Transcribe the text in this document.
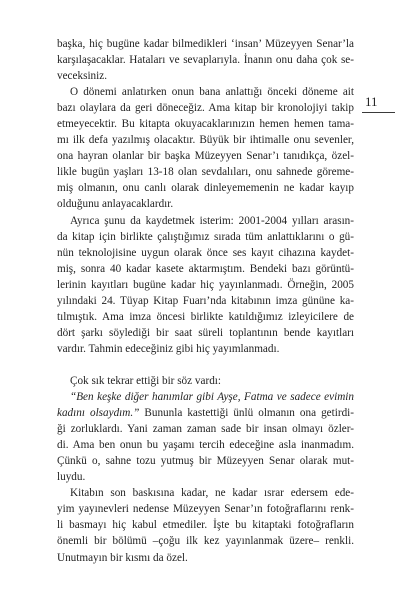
11
başka, hiç bugüne kadar bilmedikleri ‘insan’ Müzeyyen Senar’la
karşılaşacaklar. Hataları ve sevaplarıyla. İnanın onu daha çok se-
veceksiniz.
O dönemi anlatırken onun bana anlattığı önceki döneme ait
bazı olaylara da geri döneceğiz. Ama kitap bir kronolojiyi takip
etmeyecektir. Bu kitapta okuyacaklarınızın hemen hemen tama-
mı ilk defa yazılmış olacaktır. Büyük bir ihtimalle onu sevenler,
ona hayran olanlar bir başka Müzeyyen Senar’ı tanıdıkça, özel-
likle bugün yaşları 13-18 olan sevdalıları, onu sahnede göreme-
miş olmanın, onu canlı olarak dinleyememenin ne kadar kayıp
olduğunu anlayacaklardır.
Ayrıca şunu da kaydetmek isterim: 2001-2004 yılları arasın-
da kitap için birlikte çalıştığımız sırada tüm anlattıklarını o gü-
nün teknolojisine uygun olarak önce ses kayıt cihazına kaydet-
miş, sonra 40 kadar kasete aktarmıştım. Bendeki bazı görüntü-
lerinin kayıtları bugüne kadar hiç yayınlanmadı. Örneğin, 2005
yılındaki 24. Tüyap Kitap Fuarı’nda kitabının imza gününe ka-
tılmıştık. Ama imza öncesi birlikte katıldığımız izleyicilere de
dört şarkı söylediği bir saat süreli toplantının bende kayıtları
vardır. Tahmin edeceğiniz gibi hiç yayımlanmadı.
Çok sık tekrar ettiği bir söz vardı:
“Ben keşke diğer hanımlar gibi Ayşe, Fatma ve sadece evimin
kadını olsaydım.” Bununla kastettiği ünlü olmanın ona getirdi-
ği zorluklardı. Yani zaman zaman sade bir insan olmayı özler-
di. Ama ben onun bu yaşamı tercih edeceğine asla inanmadım.
Çünkü o, sahne tozu yutmuş bir Müzeyyen Senar olarak mut-
luydu.
Kitabın son baskısına kadar, ne kadar ısrar edersem ede-
yim yayınevleri nedense Müzeyyen Senar’ın fotoğraflarını renk-
li basmayı hiç kabul etmediler. İşte bu kitaptaki fotoğrafların
önemli bir bölümü –çoğu ilk kez yayınlanmak üzere– renkli.
Unutmayın bir kısmı da özel.
